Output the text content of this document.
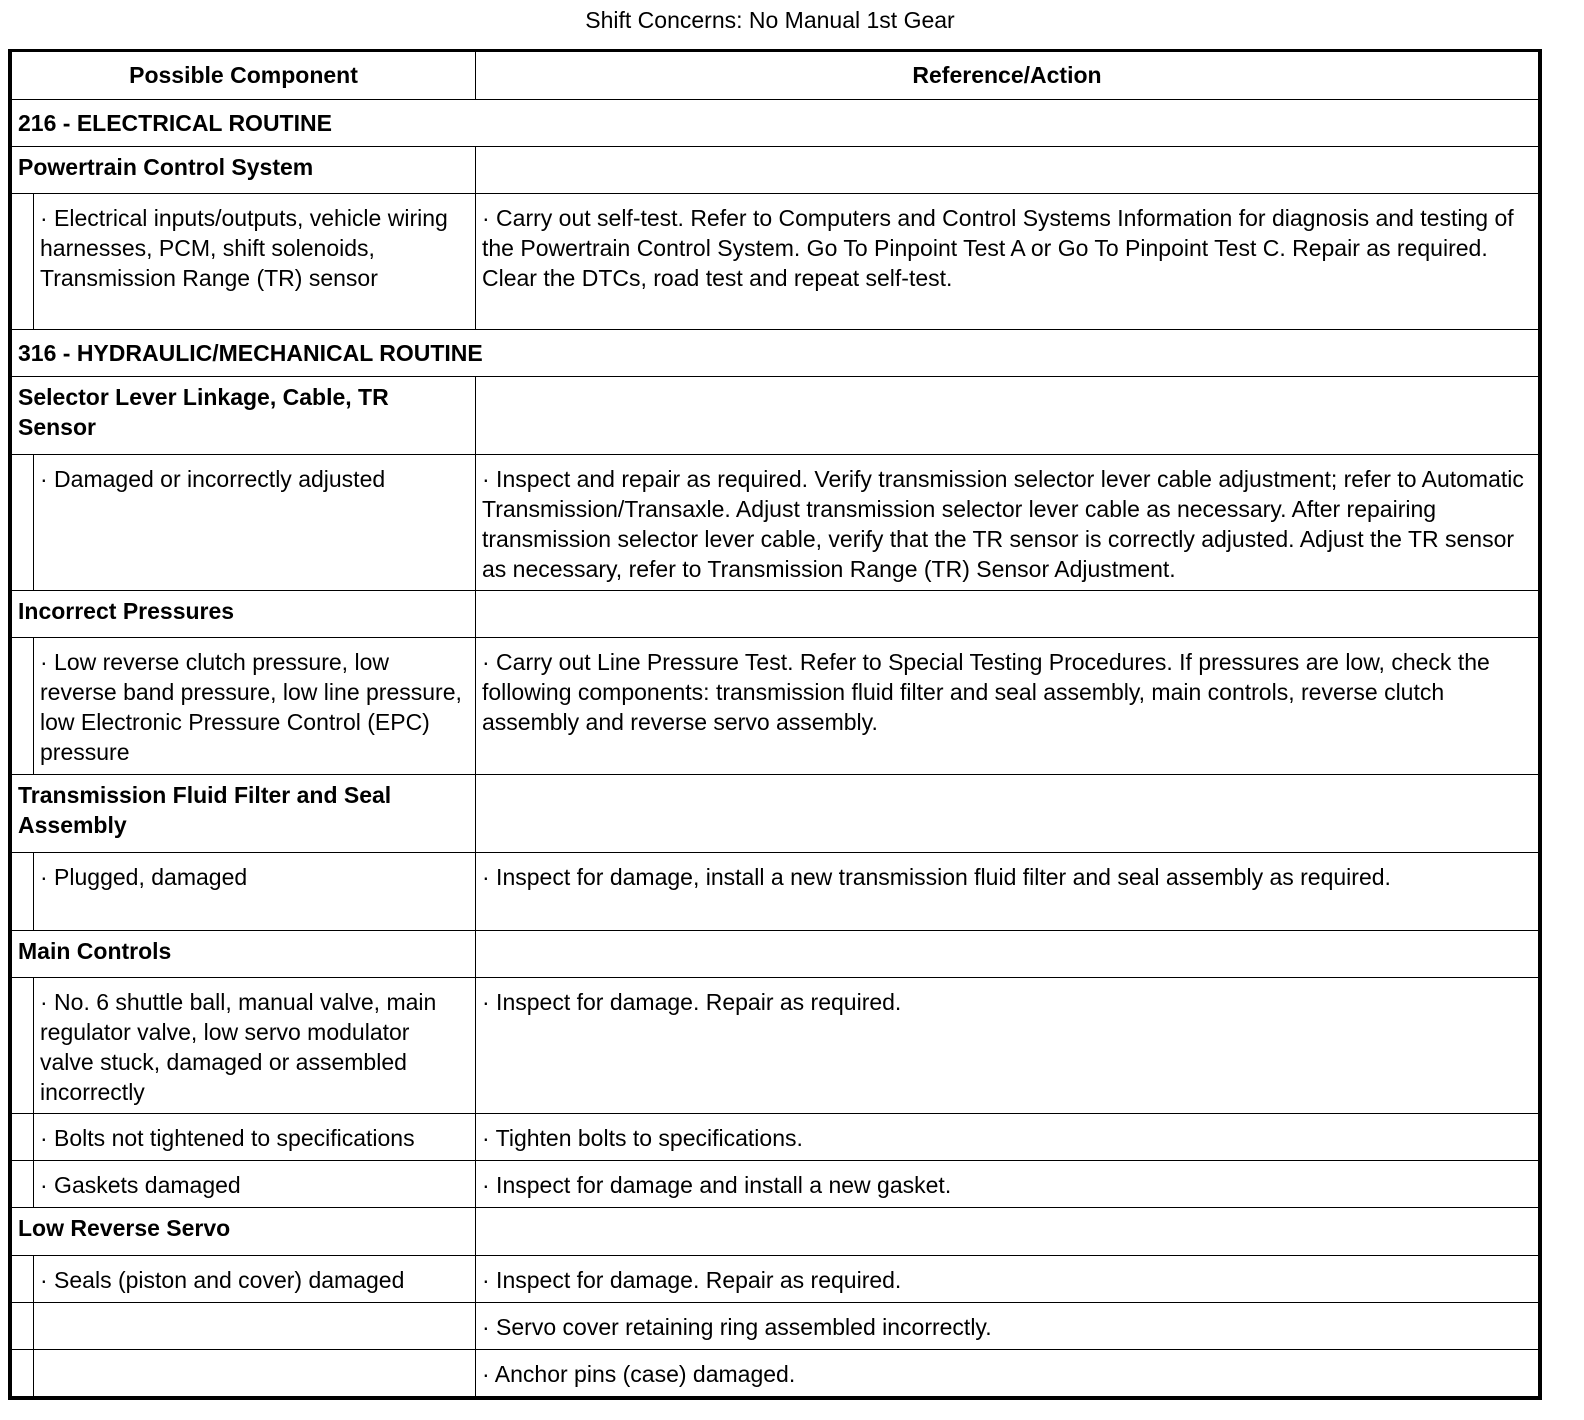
Shift Concerns: No Manual 1st Gear
Possible Component		Reference/Action
216 - ELECTRICAL ROUTINE		
Powertrain Control System		
	· Electrical inputs/outputs, vehicle wiring harnesses, PCM, shift solenoids, Transmission Range (TR) sensor	· Carry out self-test. Refer to Computers and Control Systems Information for diagnosis and testing of the Powertrain Control System. Go To Pinpoint Test A or Go To Pinpoint Test C. Repair as required. Clear the DTCs, road test and repeat self-test.
316 - HYDRAULIC/MECHANICAL ROUTINE		
Selector Lever Linkage, Cable, TR Sensor		
	· Damaged or incorrectly adjusted	· Inspect and repair as required. Verify transmission selector lever cable adjustment; refer to Automatic Transmission/Transaxle. Adjust transmission selector lever cable as necessary. After repairing transmission selector lever cable, verify that the TR sensor is correctly adjusted. Adjust the TR sensor as necessary, refer to Transmission Range (TR) Sensor Adjustment.
Incorrect Pressures		
	· Low reverse clutch pressure, low reverse band pressure, low line pressure, low Electronic Pressure Control (EPC) pressure	· Carry out Line Pressure Test. Refer to Special Testing Procedures. If pressures are low, check the following components: transmission fluid filter and seal assembly, main controls, reverse clutch assembly and reverse servo assembly.
Transmission Fluid Filter and Seal Assembly		
	· Plugged, damaged	· Inspect for damage, install a new transmission fluid filter and seal assembly as required.
Main Controls		
	· No. 6 shuttle ball, manual valve, main regulator valve, low servo modulator valve stuck, damaged or assembled incorrectly	· Inspect for damage. Repair as required.
	· Bolts not tightened to specifications	· Tighten bolts to specifications.
	· Gaskets damaged	· Inspect for damage and install a new gasket.
Low Reverse Servo		
	· Seals (piston and cover) damaged	· Inspect for damage. Repair as required.
		· Servo cover retaining ring assembled incorrectly.
		· Anchor pins (case) damaged.
